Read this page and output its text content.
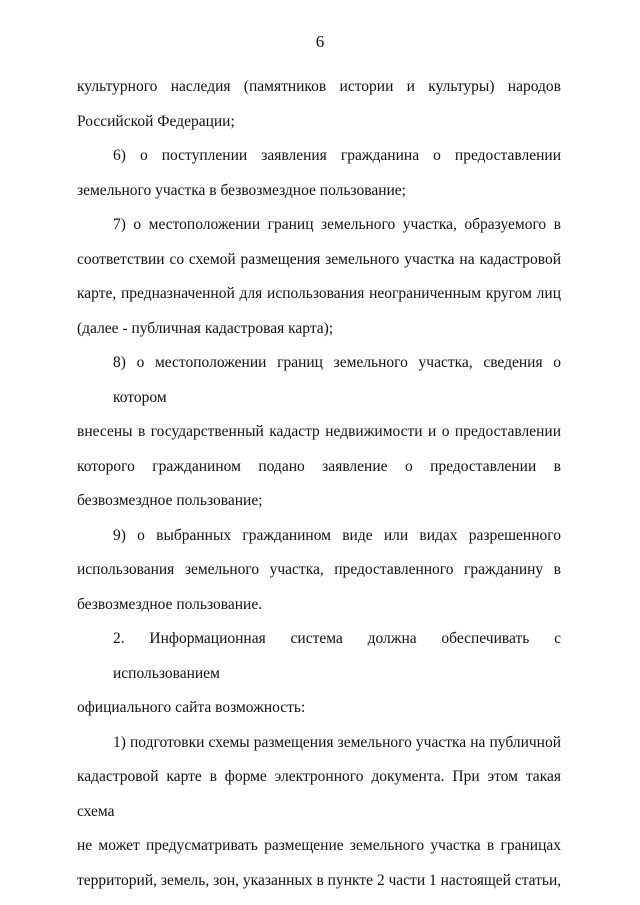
6
культурного наследия (памятников истории и культуры) народов
Российской Федерации;
6) о поступлении заявления гражданина о предоставлении
земельного участка в безвозмездное пользование;
7) о местоположении границ земельного участка, образуемого в
соответствии со схемой размещения земельного участка на кадастровой
карте, предназначенной для использования неограниченным кругом лиц
(далее - публичная кадастровая карта);
8) о местоположении границ земельного участка, сведения о котором
внесены в государственный кадастр недвижимости и о предоставлении
которого гражданином подано заявление о предоставлении в
безвозмездное пользование;
9) о выбранных гражданином виде или видах разрешенного
использования земельного участка, предоставленного гражданину в
безвозмездное пользование.
2. Информационная система должна обеспечивать с использованием
официального сайта возможность:
1) подготовки схемы размещения земельного участка на публичной
кадастровой карте в форме электронного документа. При этом такая схема
не может предусматривать размещение земельного участка в границах
территорий, земель, зон, указанных в пункте 2 части 1 настоящей статьи,
